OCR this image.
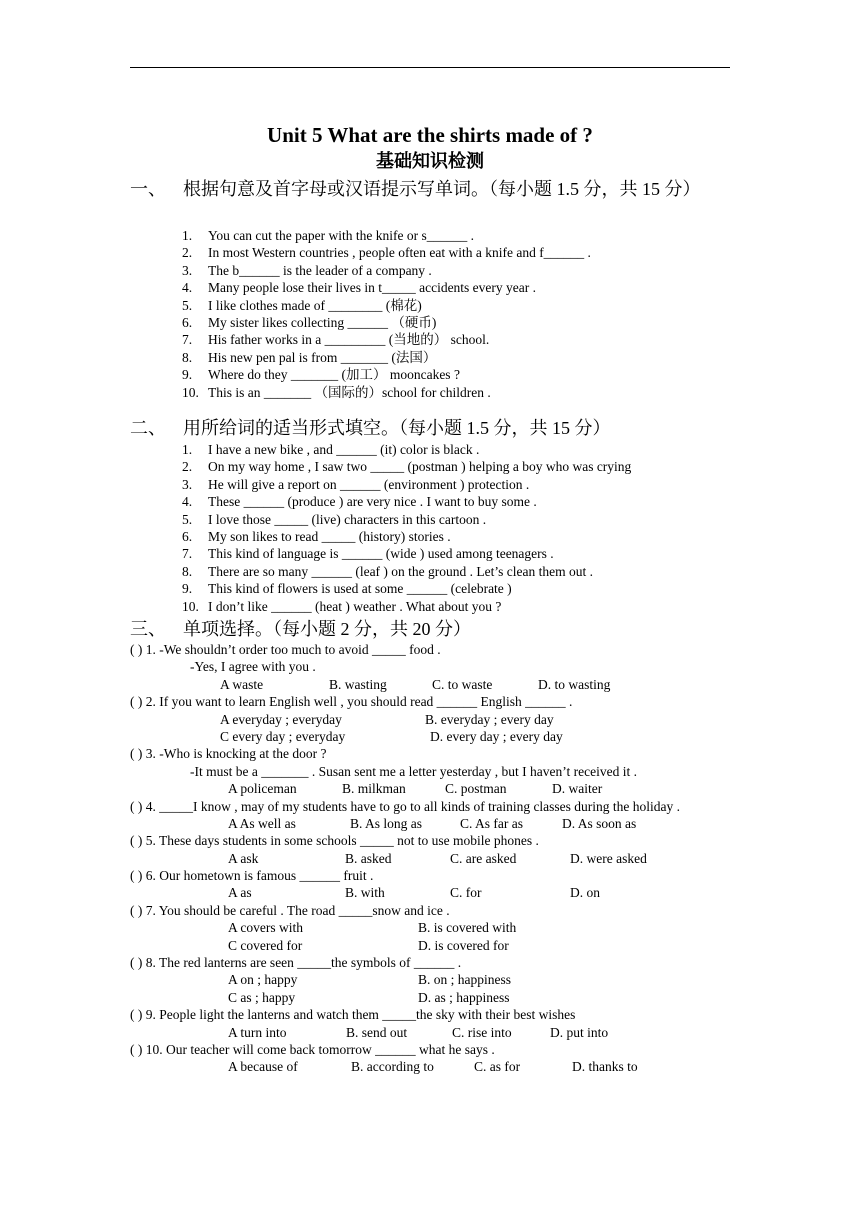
Unit 5 What are the shirts made of ?
基础知识检测
一、 根据句意及首字母或汉语提示写单词。（每小题 1.5 分，共 15 分）
1. You can cut the paper with the knife or s______ .
2. In most Western countries , people often eat with a knife and f______ .
3. The b______ is the leader of a company .
4. Many people lose their lives in t_____ accidents every year .
5. I like clothes made of ________ (棉花)
6. My sister likes collecting ______ （硬币)
7. His father works in a _________ (当地的） school.
8. His new pen pal is from _______ (法国）
9. Where do they _______ (加工） mooncakes ?
10. This is an _______ （国际的）school for children .
二、 用所给词的适当形式填空。（每小题 1.5 分，共 15 分）
1. I have a new bike , and ______ (it) color is black .
2. On my way home , I saw two _____ (postman ) helping a boy who was crying
3. He will give a report on ______ (environment ) protection .
4. These ______ (produce ) are very nice . I want to buy some .
5. I love those _____ (live) characters in this cartoon .
6. My son likes to read _____ (history) stories .
7. This kind of language is ______ (wide ) used among teenagers .
8. There are so many ______ (leaf ) on the ground . Let’s clean them out .
9. This kind of flowers is used at some ______ (celebrate )
10. I don’t like ______ (heat ) weather . What about you ?
三、 单项选择。（每小题 2 分，共 20 分）
( ) 1. -We shouldn’t order too much to avoid _____ food .
-Yes, I agree with you .
A waste	B. wasting	C. to waste	D. to wasting
( ) 2. If you want to learn English well , you should read ______ English ______ .
A everyday ; everyday	B. everyday ; every day
C every day ; everyday	D. every day ; every day
( ) 3. -Who is knocking at the door ?
-It must be a _______ . Susan sent me a letter yesterday , but I haven’t received it .
A policeman	B. milkman	C. postman	D. waiter
( ) 4. _____I know , may of my students have to go to all kinds of training classes during the holiday .
A As well as	B. As long as	C. As far as	D. As soon as
( ) 5. These days students in some schools _____ not to use mobile phones .
A ask	B. asked	C. are asked	D. were asked
( ) 6. Our hometown is famous ______ fruit .
A as	B. with	C. for	D. on
( ) 7. You should be careful . The road _____snow and ice .
A covers with	B. is covered with
C covered for	D. is covered for
( ) 8. The red lanterns are seen _____the symbols of ______ .
A on ; happy	B. on ; happiness
C as ; happy	D. as ; happiness
( ) 9. People light the lanterns and watch them _____the sky with their best wishes
A turn into	B. send out	C. rise into	D. put into
( ) 10. Our teacher will come back tomorrow ______ what he says .
A because of	B. according to	C. as for	D. thanks to
